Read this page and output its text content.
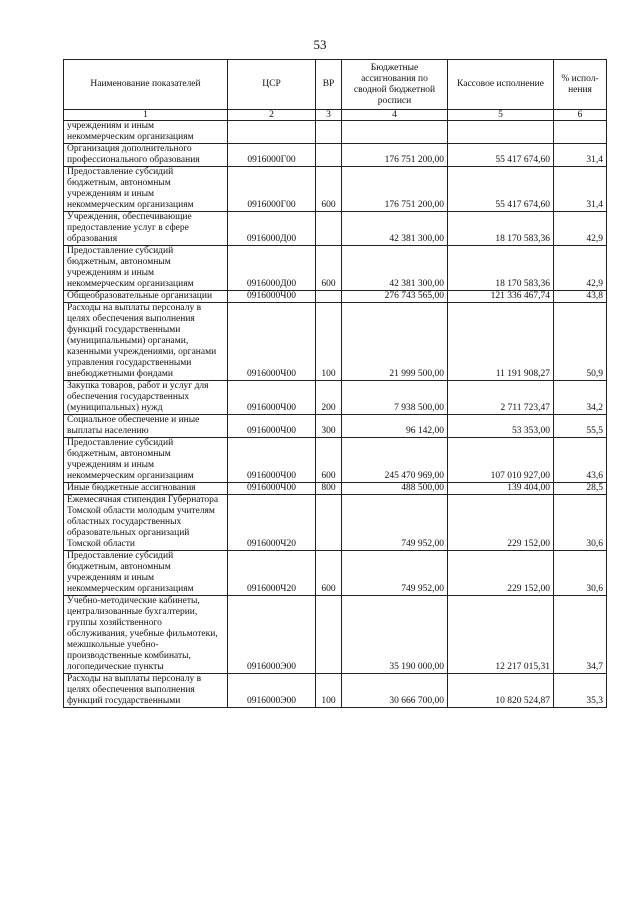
53
Наименование показателей	ЦСР	ВР	Бюджетные ассигнования по сводной бюджетной росписи	Кассовое исполнение	% испол-нения
1	2	3	4	5	6
учреждениям и иным некоммерческим организациям					
Организация дополнительного профессионального образования	0916000Г00		176 751 200,00	55 417 674,60	31,4
Предоставление субсидий бюджетным, автономным учреждениям и иным некоммерческим организациям	0916000Г00	600	176 751 200,00	55 417 674,60	31,4
Учреждения, обеспечивающие предоставление услуг в сфере образования	0916000Д00		42 381 300,00	18 170 583,36	42,9
Предоставление субсидий бюджетным, автономным учреждениям и иным некоммерческим организациям	0916000Д00	600	42 381 300,00	18 170 583,36	42,9
Общеобразовательные организации	0916000Ч00		276 743 565,00	121 336 467,74	43,8
Расходы на выплаты персоналу в целях обеспечения выполнения функций государственными (муниципальными) органами, казенными учреждениями, органами управления государственными внебюджетными фондами	0916000Ч00	100	21 999 500,00	11 191 908,27	50,9
Закупка товаров, работ и услуг для обеспечения государственных (муниципальных) нужд	0916000Ч00	200	7 938 500,00	2 711 723,47	34,2
Социальное обеспечение и иные выплаты населению	0916000Ч00	300	96 142,00	53 353,00	55,5
Предоставление субсидий бюджетным, автономным учреждениям и иным некоммерческим организациям	0916000Ч00	600	245 470 969,00	107 010 927,00	43,6
Иные бюджетные ассигнования	0916000Ч00	800	488 500,00	139 404,00	28,5
Ежемесячная стипендия Губернатора Томской области молодым учителям областных государственных образовательных организаций Томской области	0916000Ч20		749 952,00	229 152,00	30,6
Предоставление субсидий бюджетным, автономным учреждениям и иным некоммерческим организациям	0916000Ч20	600	749 952,00	229 152,00	30,6
Учебно-методические кабинеты, централизованные бухгалтерии, группы хозяйственного обслуживания, учебные фильмотеки, межшкольные учебно-производственные комбинаты, логопедические пункты	0916000Э00		35 190 000,00	12 217 015,31	34,7
Расходы на выплаты персоналу в целях обеспечения выполнения функций государственными	0916000Э00	100	30 666 700,00	10 820 524,87	35,3
